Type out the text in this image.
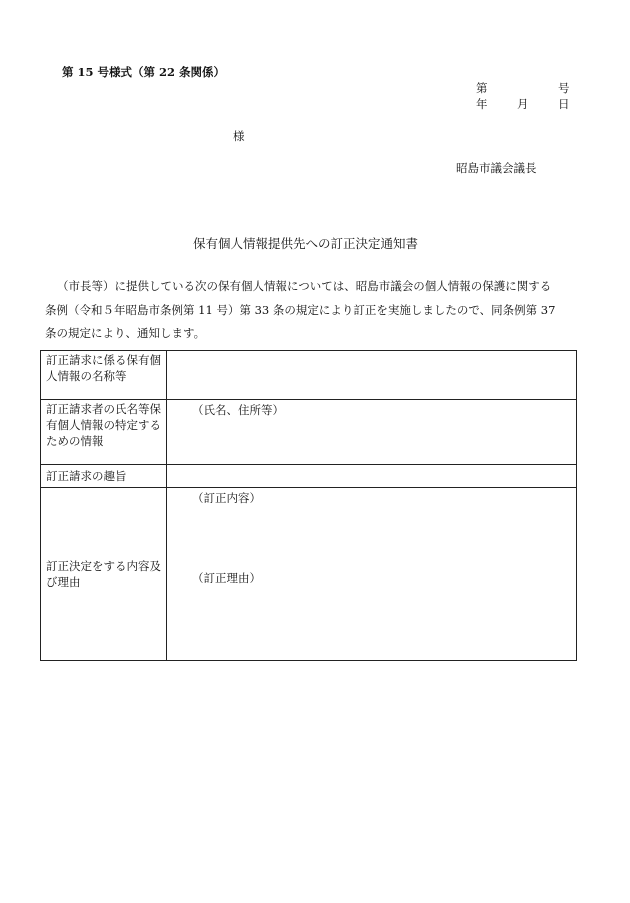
第 15 号様式（第 22 条関係）
第	号
年	月	日
様
昭島市議会議長
保有個人情報提供先への訂正決定通知書
（市長等）に提供している次の保有個人情報については、昭島市議会の個人情報の保護に関する
条例（令和５年昭島市条例第 11 号）第 33 条の規定により訂正を実施しましたので、同条例第 37
条の規定により、通知します。
訂正請求に係る保有個人情報の名称等	
訂正請求者の氏名等保有個人情報の特定するための情報	（氏名、住所等）

訂正請求の趣旨	
訂正決定をする内容及び理由	（訂正内容）
（訂正理由）
